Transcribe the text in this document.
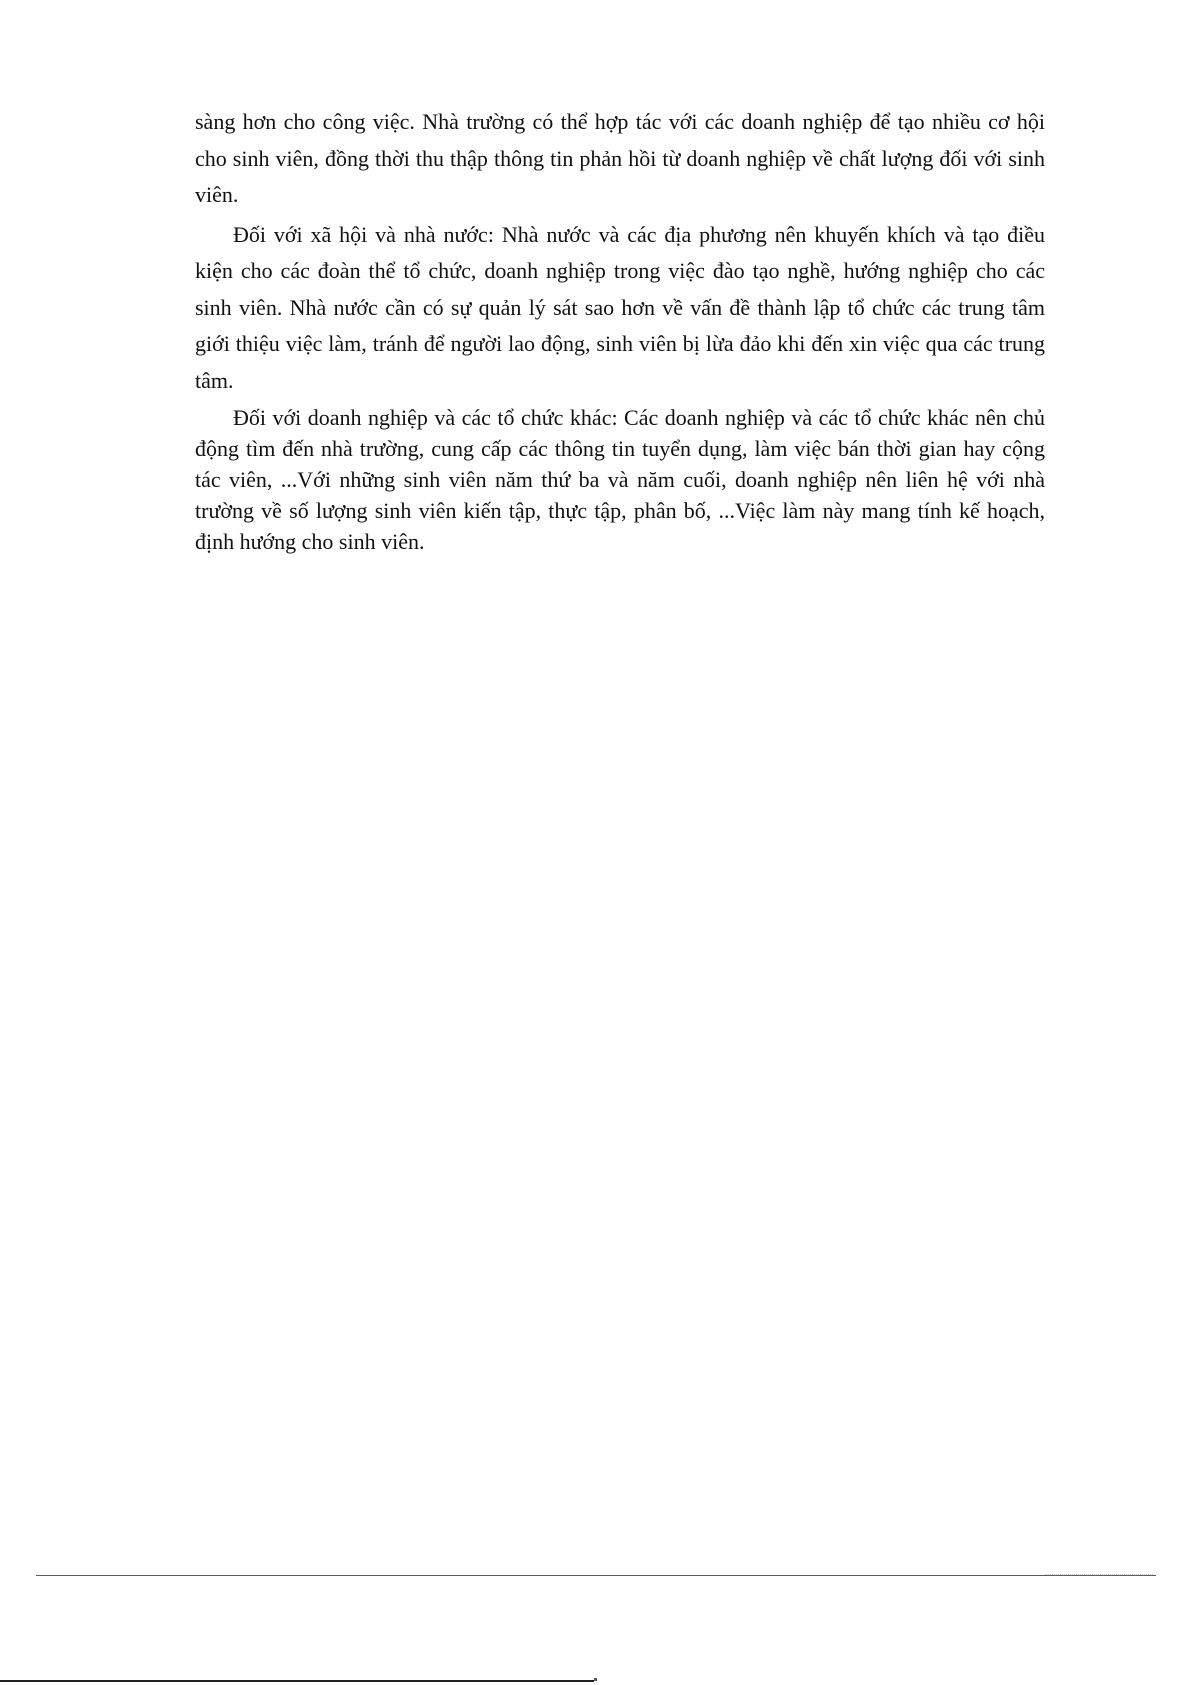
sàng hơn cho công việc. Nhà trường có thể hợp tác với các doanh nghiệp để tạo nhiều cơ hội cho sinh viên, đồng thời thu thập thông tin phản hồi từ doanh nghiệp về chất lượng đối với sinh viên.

Đối với xã hội và nhà nước: Nhà nước và các địa phương nên khuyến khích và tạo điều kiện cho các đoàn thể tổ chức, doanh nghiệp trong việc đào tạo nghề, hướng nghiệp cho các sinh viên. Nhà nước cần có sự quản lý sát sao hơn về vấn đề thành lập tổ chức các trung tâm giới thiệu việc làm, tránh để người lao động, sinh viên bị lừa đảo khi đến xin việc qua các trung tâm.

Đối với doanh nghiệp và các tổ chức khác: Các doanh nghiệp và các tổ chức khác nên chủ động tìm đến nhà trường, cung cấp các thông tin tuyển dụng, làm việc bán thời gian hay cộng tác viên, ...Với những sinh viên năm thứ ba và năm cuối, doanh nghiệp nên liên hệ với nhà trường về số lượng sinh viên kiến tập, thực tập, phân bố, ...Việc làm này mang tính kế hoạch, định hướng cho sinh viên.
